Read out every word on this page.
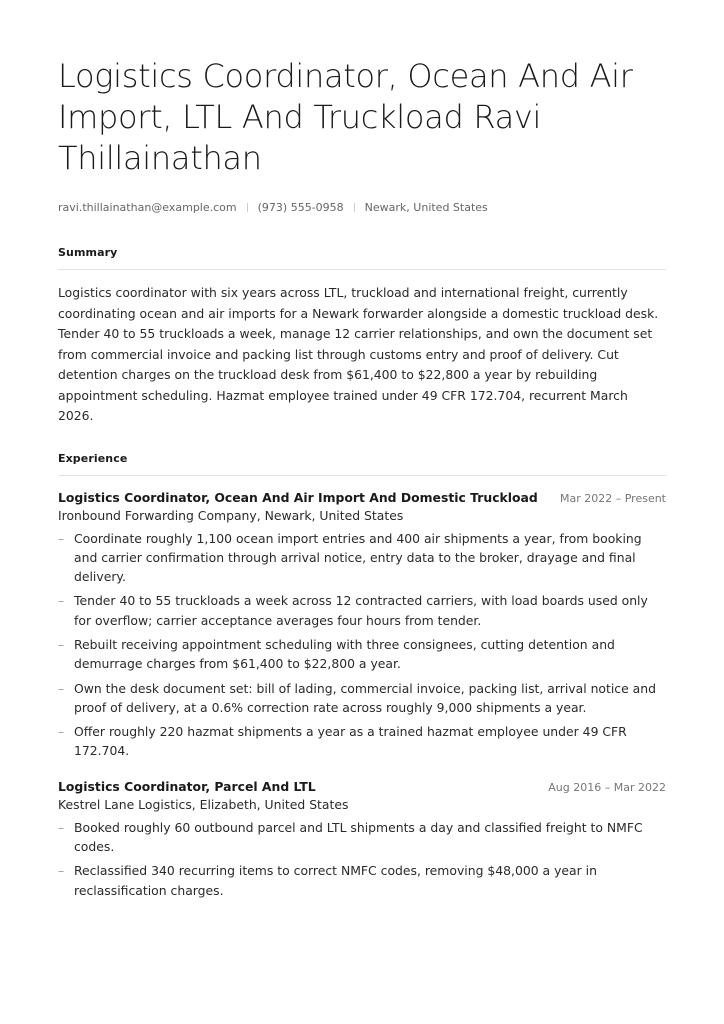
Logistics Coordinator, Ocean And Air Import, LTL And Truckload Ravi Thillainathan
ravi.thillainathan@example.com (973) 555-0958 Newark, United States
Summary

Logistics coordinator with six years across LTL, truckload and international freight, currently coordinating ocean and air imports for a Newark forwarder alongside a domestic truckload desk. Tender 40 to 55 truckloads a week, manage 12 carrier relationships, and own the document set from commercial invoice and packing list through customs entry and proof of delivery. Cut detention charges on the truckload desk from $61,400 to $22,800 a year by rebuilding appointment scheduling. Hazmat employee trained under 49 CFR 172.704, recurrent March 2026.

Experience
Logistics Coordinator, Ocean And Air Import And Domestic Truckload Mar 2022 – Present
Ironbound Forwarding Company, Newark, United States
– Coordinate roughly 1,100 ocean import entries and 400 air shipments a year, from booking and carrier confirmation through arrival notice, entry data to the broker, drayage and final delivery.
– Tender 40 to 55 truckloads a week across 12 contracted carriers, with load boards used only for overflow; carrier acceptance averages four hours from tender.
– Rebuilt receiving appointment scheduling with three consignees, cutting detention and demurrage charges from $61,400 to $22,800 a year.
– Own the desk document set: bill of lading, commercial invoice, packing list, arrival notice and proof of delivery, at a 0.6% correction rate across roughly 9,000 shipments a year.
– Offer roughly 220 hazmat shipments a year as a trained hazmat employee under 49 CFR 172.704.
Logistics Coordinator, Parcel And LTL	Aug 2016 – Mar 2022
Kestrel Lane Logistics, Elizabeth, United States
– Booked roughly 60 outbound parcel and LTL shipments a day and classified freight to NMFC codes.
– Reclassified 340 recurring items to correct NMFC codes, removing $48,000 a year in reclassification charges.
